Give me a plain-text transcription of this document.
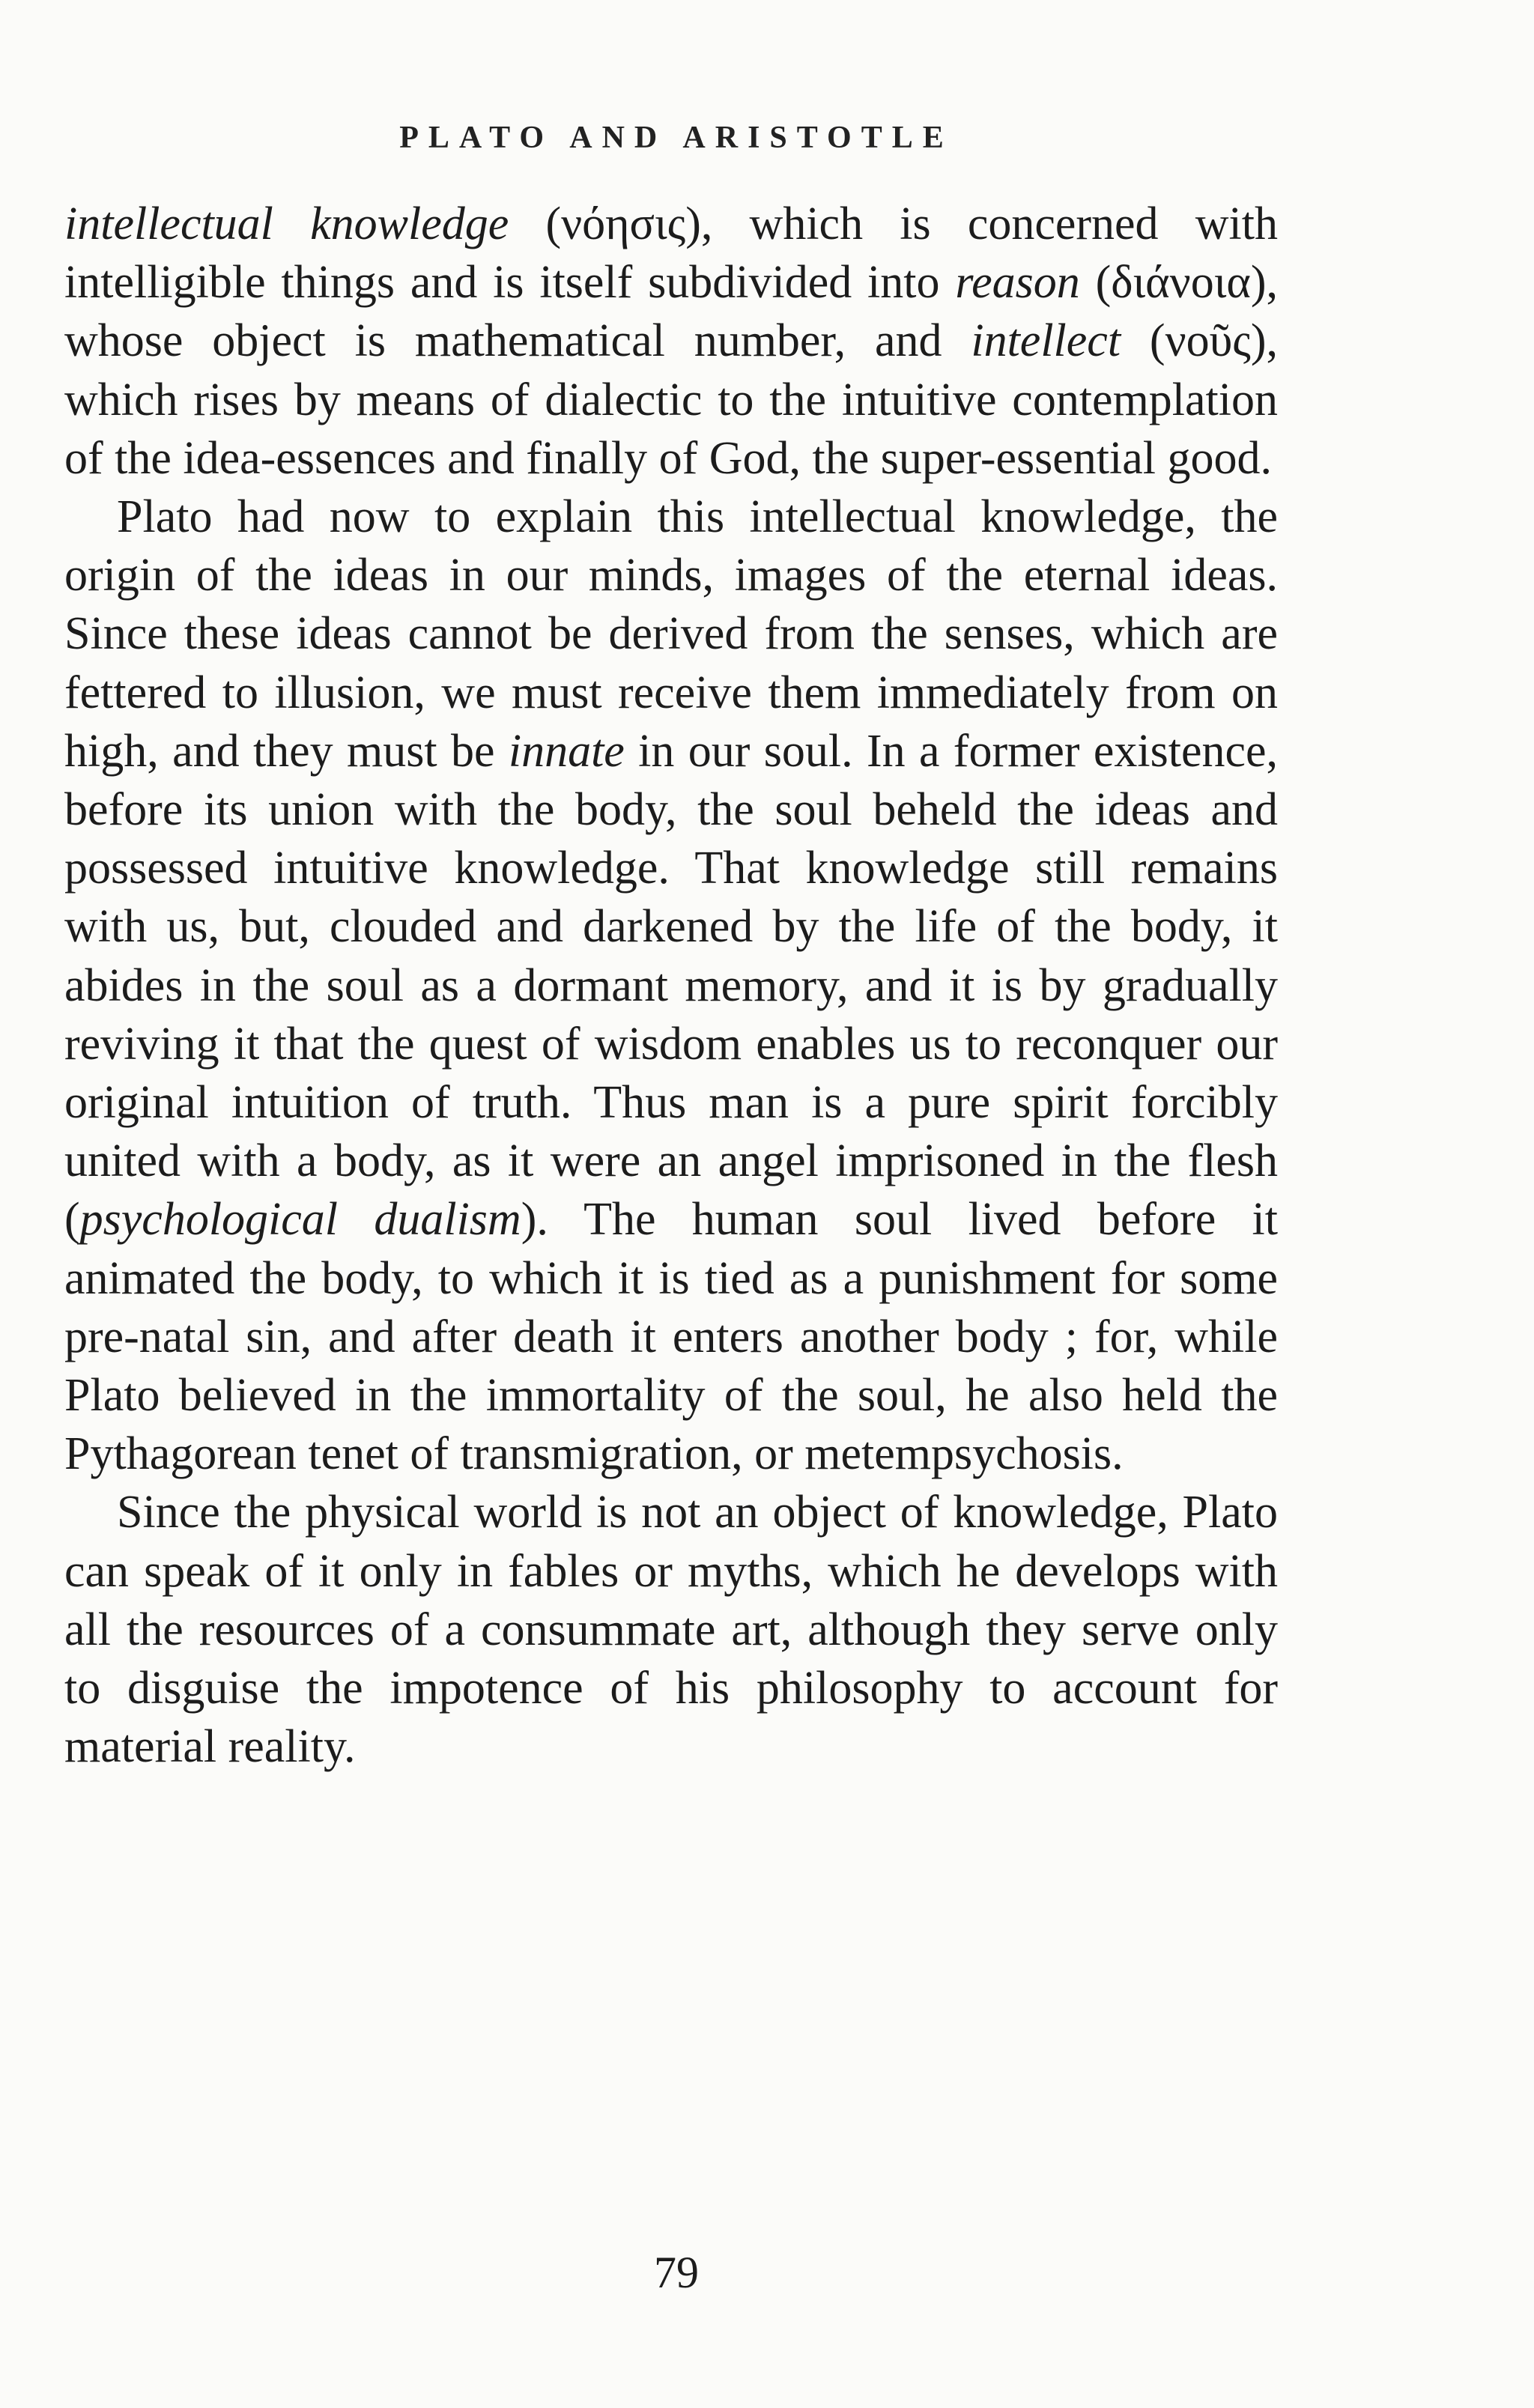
PLATO AND ARISTOTLE

intellectual knowledge (νόησις), which is concerned with intelligible things and is itself subdivided into reason (διάνοια), whose object is mathematical number, and intellect (νοῦς), which rises by means of dialectic to the intuitive contemplation of the idea-essences and finally of God, the super-essential good.

Plato had now to explain this intellectual knowledge, the origin of the ideas in our minds, images of the eternal ideas. Since these ideas cannot be derived from the senses, which are fettered to illusion, we must receive them immediately from on high, and they must be innate in our soul. In a former existence, before its union with the body, the soul beheld the ideas and possessed intuitive knowledge. That knowledge still remains with us, but, clouded and darkened by the life of the body, it abides in the soul as a dormant memory, and it is by gradually reviving it that the quest of wisdom enables us to reconquer our original intuition of truth. Thus man is a pure spirit forcibly united with a body, as it were an angel imprisoned in the flesh (psychological dualism). The human soul lived before it animated the body, to which it is tied as a punishment for some pre-natal sin, and after death it enters another body ; for, while Plato believed in the immortality of the soul, he also held the Pythagorean tenet of transmigration, or metempsychosis.

Since the physical world is not an object of knowledge, Plato can speak of it only in fables or myths, which he develops with all the resources of a consummate art, although they serve only to disguise the impotence of his philosophy to account for material reality.

79
